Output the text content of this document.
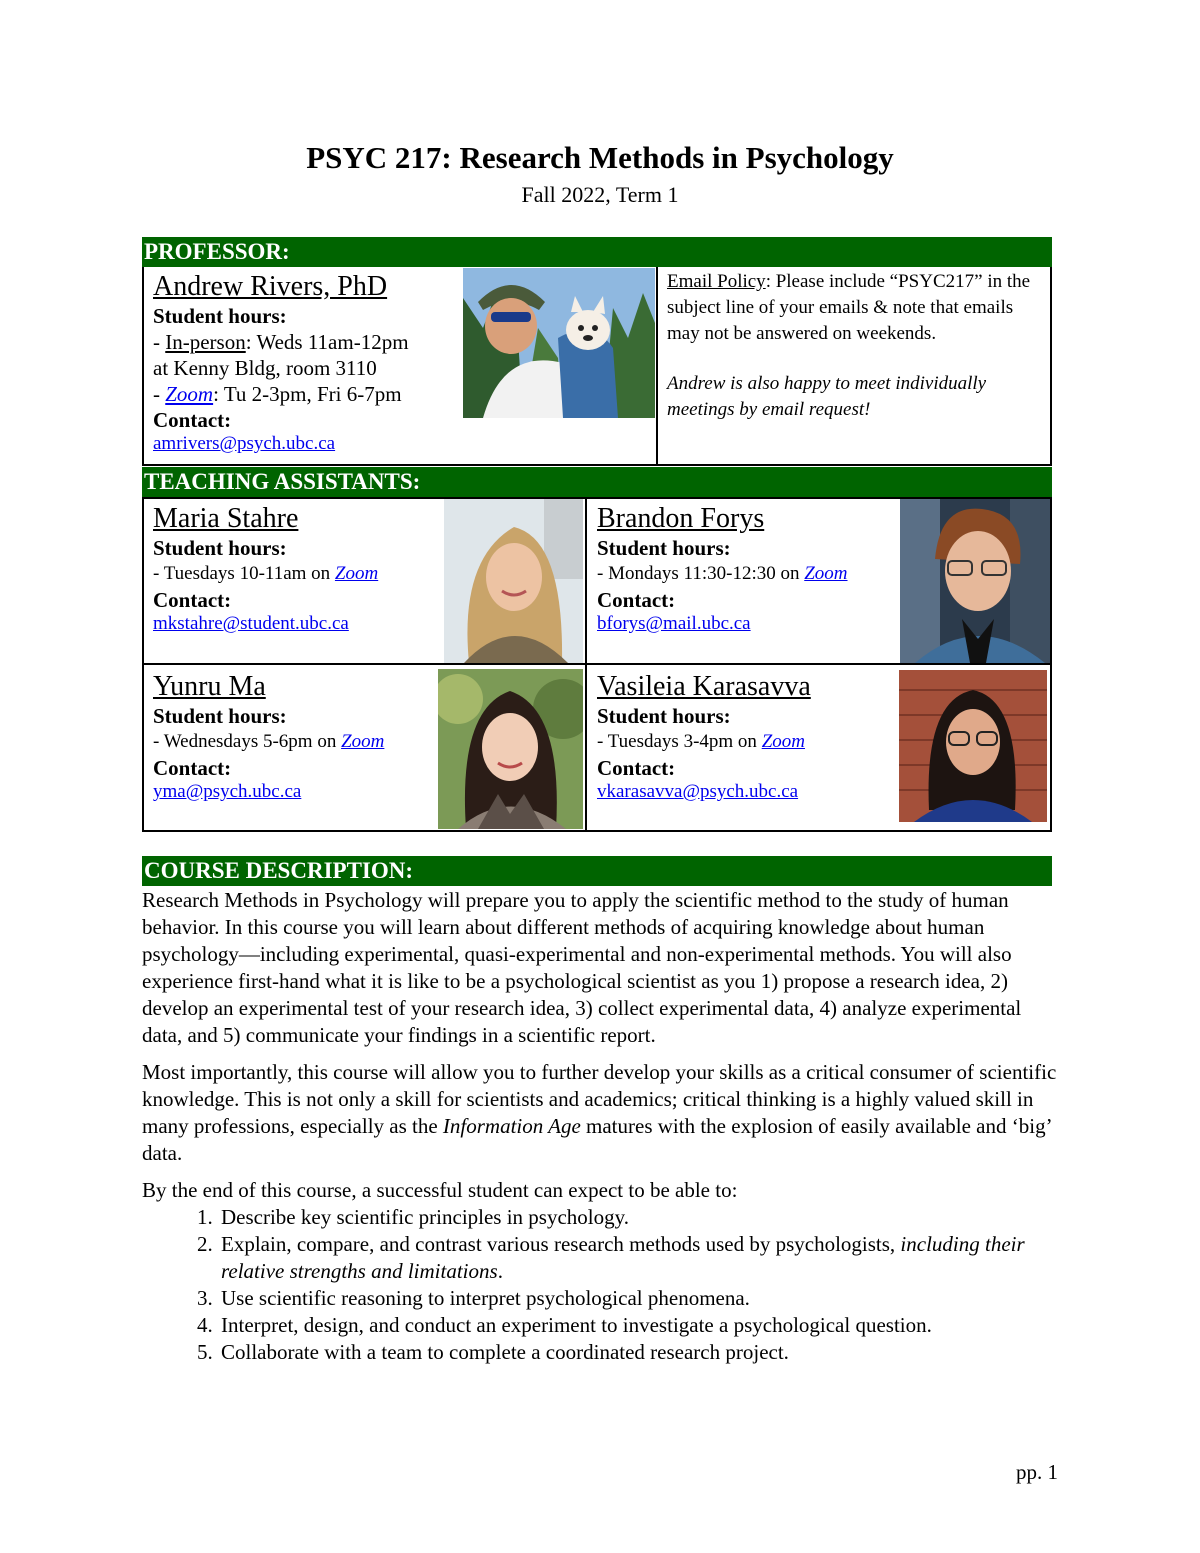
PSYC 217: Research Methods in Psychology
Fall 2022, Term 1
PROFESSOR:
Andrew Rivers, PhD
Student hours:
- In-person: Weds 11am-12pm
at Kenny Bldg, room 3110
- Zoom: Tu 2-3pm, Fri 6-7pm
Contact:
amrivers@psych.ubc.ca
Email Policy: Please include “PSYC217” in the subject line of your emails & note that emails may not be answered on weekends.
Andrew is also happy to meet individually meetings by email request!
TEACHING ASSISTANTS:
Maria Stahre
Student hours:
- Tuesdays 10-11am on Zoom
Contact:
mkstahre@student.ubc.ca
Brandon Forys
Student hours:
- Mondays 11:30-12:30 on Zoom
Contact:
bforys@mail.ubc.ca
Yunru Ma
Student hours:
- Wednesdays 5-6pm on Zoom
Contact:
yma@psych.ubc.ca
Vasileia Karasavva
Student hours:
- Tuesdays 3-4pm on Zoom
Contact:
vkarasavva@psych.ubc.ca
COURSE DESCRIPTION:

Research Methods in Psychology will prepare you to apply the scientific method to the study of human behavior. In this course you will learn about different methods of acquiring knowledge about human psychology—including experimental, quasi-experimental and non-experimental methods. You will also experience first-hand what it is like to be a psychological scientist as you 1) propose a research idea, 2) develop an experimental test of your research idea, 3) collect experimental data, 4) analyze experimental data, and 5) communicate your findings in a scientific report.

Most importantly, this course will allow you to further develop your skills as a critical consumer of scientific knowledge. This is not only a skill for scientists and academics; critical thinking is a highly valued skill in many professions, especially as the Information Age matures with the explosion of easily available and ‘big’ data.

By the end of this course, a successful student can expect to be able to:

1. Describe key scientific principles in psychology.
2. Explain, compare, and contrast various research methods used by psychologists, including their relative strengths and limitations.
3. Use scientific reasoning to interpret psychological phenomena.
4. Interpret, design, and conduct an experiment to investigate a psychological question.
5. Collaborate with a team to complete a coordinated research project.
pp. 1
